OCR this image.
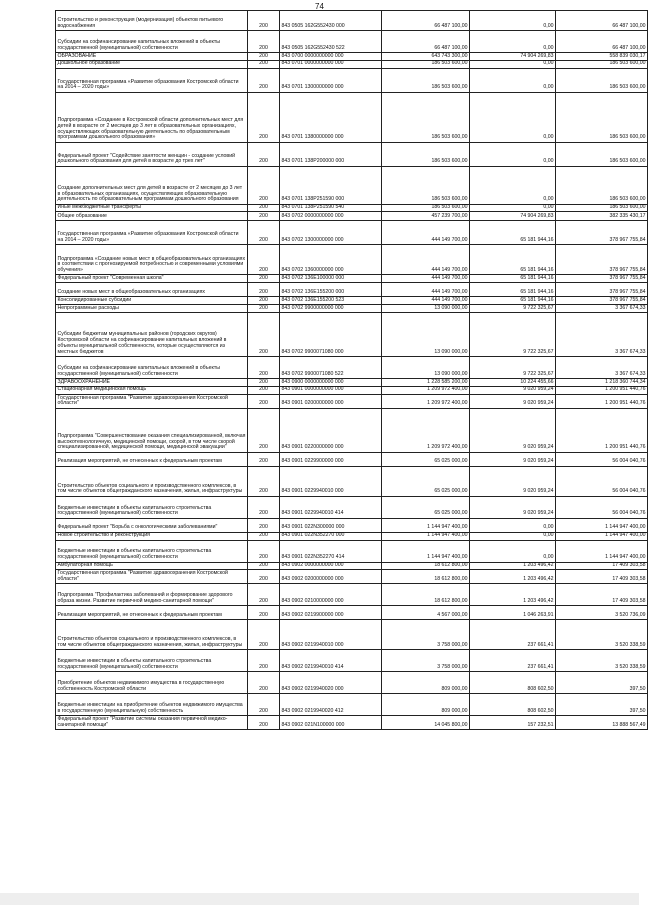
74
Строительство и реконструкция (модернизация) объектов питьевого водоснабжения	200	843 0505 162G552430 000	66 487 100,00	0,00	66 487 100,00
Субсидии на софинансирование капитальных вложений в объекты государственной (муниципальной) собственности	200	843 0505 162G552430 522	66 487 100,00	0,00	66 487 100,00
ОБРАЗОВАНИЕ	200	843 0700 0000000000 000	643 743 300,00	74 904 269,83	558 839 030,17
Дошкольное образование	200	843 0701 0000000000 000	186 503 600,00	0,00	186 503 600,00
Государственная программа «Развитие образования Костромской области на 2014 – 2020 годы»	200	843 0701 1300000000 000	186 503 600,00	0,00	186 503 600,00
Подпрограмма «Создание в Костромской области дополнительных мест для детей в возрасте от 2 месяцев до 3 лет в образовательных организациях, осуществляющих образовательную деятельность по образовательным программам дошкольного образования»	200	843 0701 1380000000 000	186 503 600,00	0,00	186 503 600,00
Федеральный проект "Содействие занятости женщин - создание условий дошкольного образования для детей в возрасте до трех лет"	200	843 0701 138P200000 000	186 503 600,00	0,00	186 503 600,00
Создание дополнительных мест для детей в возрасте от 2 месяцев до 3 лет в образовательных организациях, осуществляющих образовательную деятельность по образовательным программам дошкольного образования	200	843 0701 138P251590 000	186 503 600,00	0,00	186 503 600,00
Иные межбюджетные трансферты	200	843 0701 138P251590 540	186 503 600,00	0,00	186 503 600,00
Общее образование	200	843 0702 0000000000 000	457 239 700,00	74 904 269,83	382 335 430,17
Государственная программа «Развитие образования Костромской области на 2014 – 2020 годы»	200	843 0702 1300000000 000	444 149 700,00	65 181 944,16	378 967 755,84
Подпрограмма «Создание новых мест в общеобразовательных организациях в соответствии с прогнозируемой потребностью и современными условиями обучения»	200	843 0702 1360000000 000	444 149 700,00	65 181 944,16	378 967 755,84
Федеральный проект "Современная школа"	200	843 0702 136E100000 000	444 149 700,00	65 181 944,16	378 967 755,84
Создание новых мест в общеобразовательных организациях	200	843 0702 136E155200 000	444 149 700,00	65 181 944,16	378 967 755,84
Консолидированные субсидии	200	843 0702 136E155200 523	444 149 700,00	65 181 944,16	378 967 755,84
Непрограммные расходы	200	843 0702 9900000000 000	13 090 000,00	9 722 325,67	3 367 674,33
Субсидии бюджетам муниципальных районов (городских округов) Костромской области на софинансирование капитальных вложений в объекты муниципальной собственности, которые осуществляются из местных бюджетов	200	843 0702 9900071080 000	13 090 000,00	9 722 325,67	3 367 674,33
Субсидии на софинансирование капитальных вложений в объекты государственной (муниципальной) собственности	200	843 0702 9900071080 522	13 090 000,00	9 722 325,67	3 367 674,33
ЗДРАВООХРАНЕНИЕ	200	843 0900 0000000000 000	1 228 585 200,00	10 224 455,66	1 218 360 744,34
Стационарная медицинская помощь	200	843 0901 0000000000 000	1 209 972 400,00	9 020 959,24	1 200 951 440,76
Государственная программа "Развитие здравоохранения Костромской области"	200	843 0901 0200000000 000	1 209 972 400,00	9 020 959,24	1 200 951 440,76
Подпрограмма "Совершенствование оказания специализированной, включая высокотехнологичную, медицинской помощи, скорой, в том числе скорой специализированной, медицинской помощи, медицинской эвакуации"	200	843 0901 0220000000 000	1 209 972 400,00	9 020 959,24	1 200 951 440,76
Реализация мероприятий, не отнесенных к федеральным проектам	200	843 0901 0229900000 000	65 025 000,00	9 020 959,24	56 004 040,76
Строительство объектов социального и производственного комплексов, в том числе объектов общегражданского назначения, жилья, инфраструктуры	200	843 0901 0229940010 000	65 025 000,00	9 020 959,24	56 004 040,76
Бюджетные инвестиции в объекты капитального строительства государственной (муниципальной) собственности	200	843 0901 0229940010 414	65 025 000,00	9 020 959,24	56 004 040,76
Федеральный проект "Борьба с онкологическими заболеваниями"	200	843 0901 022N300000 000	1 144 947 400,00	0,00	1 144 947 400,00
Новое строительство и реконструкция	200	843 0901 022N352270 000	1 144 947 400,00	0,00	1 144 947 400,00
Бюджетные инвестиции в объекты капитального строительства государственной (муниципальной) собственности	200	843 0901 022N352270 414	1 144 947 400,00	0,00	1 144 947 400,00
Амбулаторная помощь	200	843 0902 0000000000 000	18 612 800,00	1 203 496,42	17 409 303,58
Государственная программа "Развитие здравоохранения Костромской области"	200	843 0902 0200000000 000	18 612 800,00	1 203 496,42	17 409 303,58
Подпрограмма "Профилактика заболеваний и формирование здорового образа жизни. Развитие первичной медико-санитарной помощи"	200	843 0902 0210000000 000	18 612 800,00	1 203 496,42	17 409 303,58
Реализация мероприятий, не отнесенных к федеральным проектам	200	843 0902 0219900000 000	4 567 000,00	1 046 263,91	3 520 736,09
Строительство объектов социального и производственного комплексов, в том числе объектов общегражданского назначения, жилья, инфраструктуры	200	843 0902 0219940010 000	3 758 000,00	237 661,41	3 520 338,59
Бюджетные инвестиции в объекты капитального строительства государственной (муниципальной) собственности	200	843 0902 0219940010 414	3 758 000,00	237 661,41	3 520 338,59
Приобретение объектов недвижимого имущества в государственную собственность Костромской области	200	843 0902 0219940020 000	809 000,00	808 602,50	397,50
Бюджетные инвестиции на приобретение объектов недвижимого имущества в государственную (муниципальную) собственность	200	843 0902 0219940020 412	809 000,00	808 602,50	397,50
Федеральный проект "Развитие системы оказания первичной медико-санитарной помощи"	200	843 0902 021N100000 000	14 045 800,00	157 232,51	13 888 567,49
